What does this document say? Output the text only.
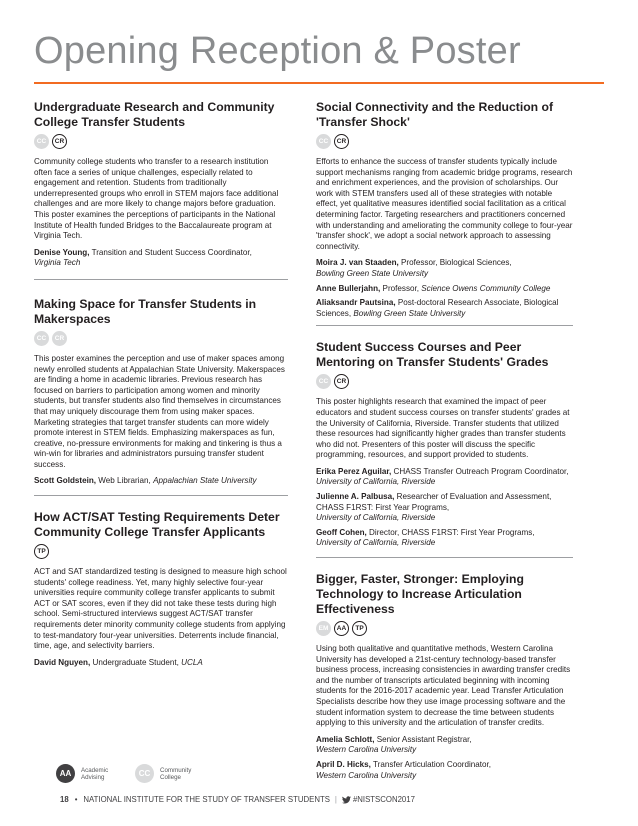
Opening Reception & Poster
Undergraduate Research and Community College Transfer Students
CC	CR

Community college students who transfer to a research institution often face a series of unique challenges, especially related to engagement and retention. Students from traditionally underrepresented groups who enroll in STEM majors face additional challenges and are more likely to change majors before graduation. This poster examines the perceptions of participants in the National Institute of Health funded Bridges to the Baccalaureate program at Virginia Tech.

Denise Young, Transition and Student Success Coordinator,
Virginia Tech

Making Space for Transfer Students in Makerspaces
CC	CR

This poster examines the perception and use of maker spaces among newly enrolled students at Appalachian State University. Makerspaces are finding a home in academic libraries. Previous research has focused on barriers to participation among women and minority students, but transfer students also find themselves in circumstances that may uniquely discourage them from using maker spaces. Marketing strategies that target transfer students can more widely promote interest in STEM fields. Emphasizing makerspaces as fun, creative, no-pressure environments for making and tinkering is thus a win-win for libraries and administrators pursuing transfer student success.

Scott Goldstein, Web Librarian, Appalachian State University

How ACT/SAT Testing Requirements Deter Community College Transfer Applicants
TP

ACT and SAT standardized testing is designed to measure high school students' college readiness. Yet, many highly selective four-year universities require community college transfer applicants to submit ACT or SAT scores, even if they did not take these tests during high school. Semi-structured interviews suggest ACT/SAT transfer requirements deter minority community college students from applying to test-mandatory four-year universities. Deterrents include financial, time, age, and selectivity barriers.

David Nguyen, Undergraduate Student, UCLA

Social Connectivity and the Reduction of 'Transfer Shock'
CC	CR

Efforts to enhance the success of transfer students typically include support mechanisms ranging from academic bridge programs, research and enrichment experiences, and the provision of scholarships. Our work with STEM transfers used all of these strategies with notable effect, yet qualitative measures identified social facilitation as a critical determining factor. Targeting researchers and practitioners concerned with understanding and ameliorating the community college to four-year 'transfer shock', we adopt a social network approach to assessing connectivity.

Moira J. van Staaden, Professor, Biological Sciences,
Bowling Green State University

Anne Bullerjahn, Professor, Science Owens Community College

Aliaksandr Pautsina, Post-doctoral Research Associate, Biological Sciences, Bowling Green State University

Student Success Courses and Peer Mentoring on Transfer Students' Grades
CC	CR

This poster highlights research that examined the impact of peer educators and student success courses on transfer students' grades at the University of California, Riverside. Transfer students that utilized these resources had significantly higher grades than transfer students who did not. Presenters of this poster will discuss the specific programming, resources, and support provided to students.

Erika Perez Aguilar, CHASS Transfer Outreach Program Coordinator,
University of California, Riverside

Julienne A. Palbusa, Researcher of Evaluation and Assessment, CHASS F1RST: First Year Programs,
University of California, Riverside

Geoff Cohen, Director, CHASS F1RST: First Year Programs,
University of California, Riverside

Bigger, Faster, Stronger: Employing Technology to Increase Articulation Effectiveness
EM	AA	TP

Using both qualitative and quantitative methods, Western Carolina University has developed a 21st-century technology-based transfer business process, increasing consistencies in awarding transfer credits and the number of transcripts articulated beginning with incoming students for the 2016-2017 academic year. Lead Transfer Articulation Specialists describe how they use image processing software and the student information system to decrease the time between students applying to this university and the articulation of transfer credits.

Amelia Schlott, Senior Assistant Registrar,
Western Carolina University

April D. Hicks, Transfer Articulation Coordinator,
Western Carolina University

AA	Academic
Advising	CC	Community
College
18 • NATIONAL INSTITUTE FOR THE STUDY OF TRANSFER STUDENTS | #NISTSCON2017
